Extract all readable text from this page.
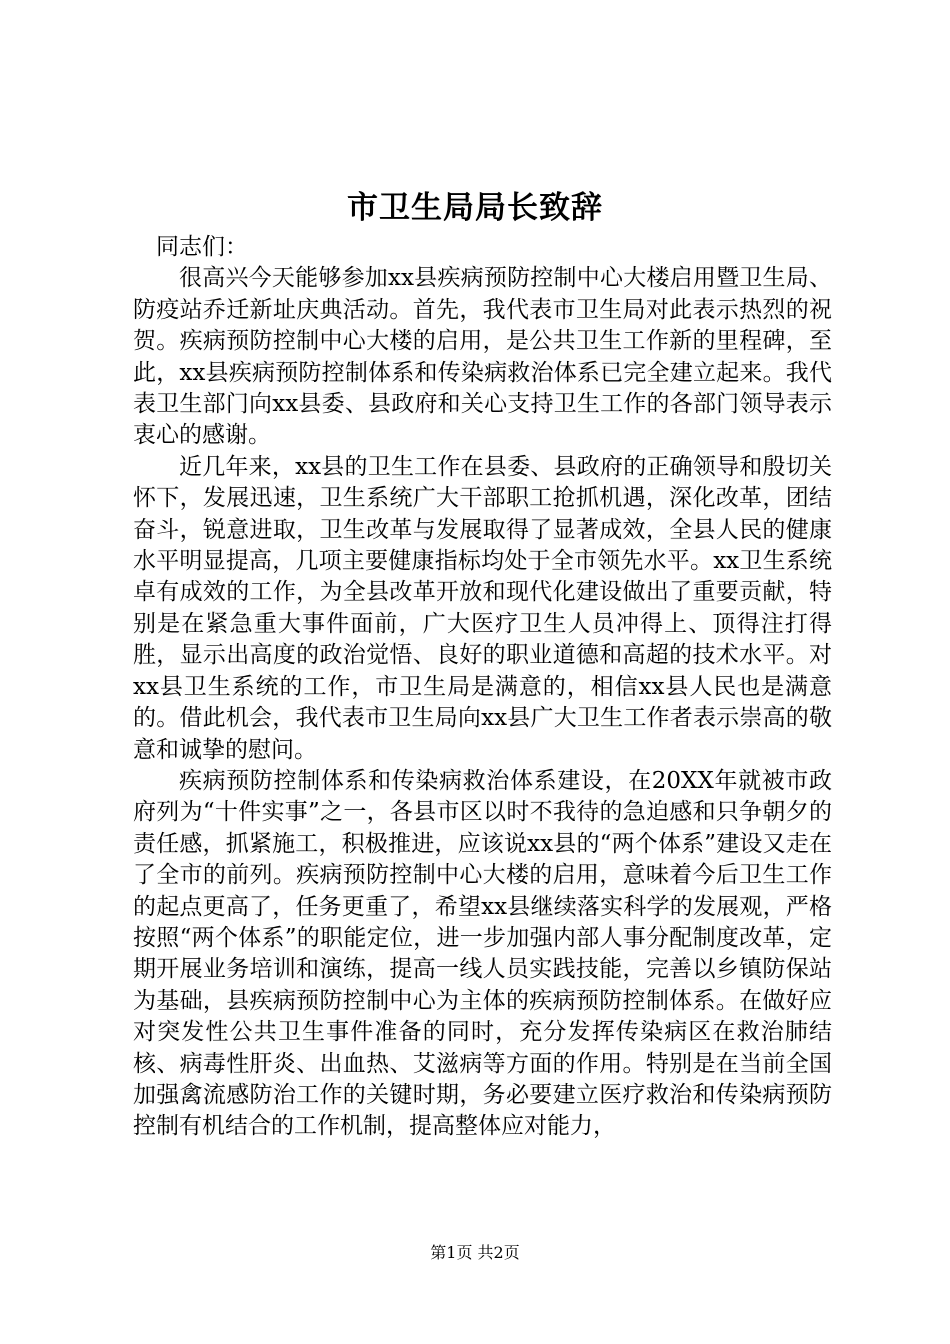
市卫生局局长致辞

同志们：

很高兴今天能够参加xx县疾病预防控制中心大楼启用暨卫生局、防疫站乔迁新址庆典活动。首先，我代表市卫生局对此表示热烈的祝贺。疾病预防控制中心大楼的启用，是公共卫生工作新的里程碑，至此，xx县疾病预防控制体系和传染病救治体系已完全建立起来。我代表卫生部门向xx县委、县政府和关心支持卫生工作的各部门领导表示衷心的感谢。

近几年来，xx县的卫生工作在县委、县政府的正确领导和殷切关怀下，发展迅速，卫生系统广大干部职工抢抓机遇，深化改革，团结奋斗，锐意进取，卫生改革与发展取得了显著成效，全县人民的健康水平明显提高，几项主要健康指标均处于全市领先水平。xx卫生系统卓有成效的工作，为全县改革开放和现代化建设做出了重要贡献，特别是在紧急重大事件面前，广大医疗卫生人员冲得上、顶得注打得胜，显示出高度的政治觉悟、良好的职业道德和高超的技术水平。对xx县卫生系统的工作，市卫生局是满意的，相信xx县人民也是满意的。借此机会，我代表市卫生局向xx县广大卫生工作者表示崇高的敬意和诚挚的慰问。

疾病预防控制体系和传染病救治体系建设，在20XX年就被市政府列为“十件实事”之一，各县市区以时不我待的急迫感和只争朝夕的责任感，抓紧施工，积极推进，应该说xx县的“两个体系”建设又走在了全市的前列。疾病预防控制中心大楼的启用，意味着今后卫生工作的起点更高了，任务更重了，希望xx县继续落实科学的发展观，严格按照“两个体系”的职能定位，进一步加强内部人事分配制度改革，定期开展业务培训和演练，提高一线人员实践技能，完善以乡镇防保站为基础，县疾病预防控制中心为主体的疾病预防控制体系。在做好应对突发性公共卫生事件准备的同时，充分发挥传染病区在救治肺结核、病毒性肝炎、出血热、艾滋病等方面的作用。特别是在当前全国加强禽流感防治工作的关键时期，务必要建立医疗救治和传染病预防控制有机结合的工作机制，提高整体应对能力，

第1页 共2页
